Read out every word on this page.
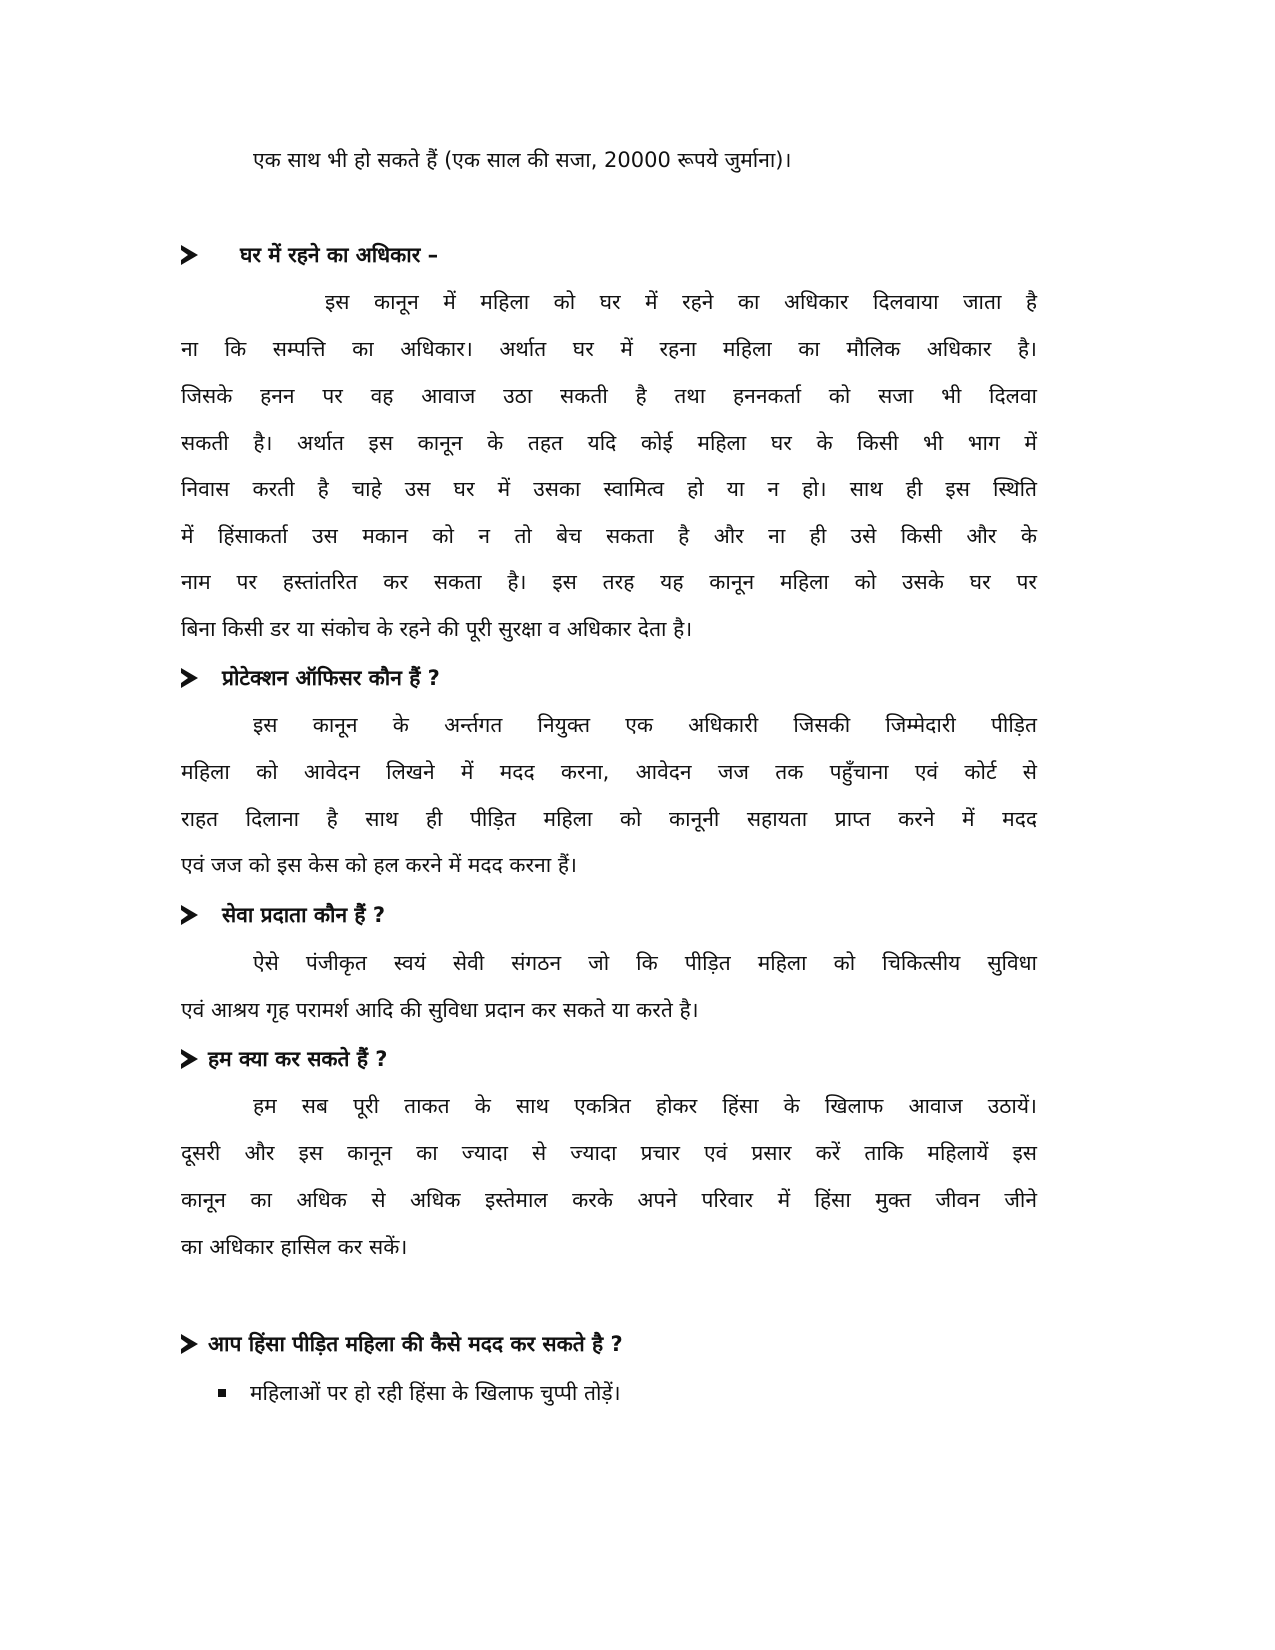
एक साथ भी हो सकते हैं (एक साल की सजा, 20000 रूपये जुर्माना)।
घर में रहने का अधिकार –
इस कानून में महिला को घर में रहने का अधिकार दिलवाया जाता है
ना कि सम्पत्ति का अधिकार। अर्थात घर में रहना महिला का मौलिक अधिकार है।
जिसके हनन पर वह आवाज उठा सकती है तथा हननकर्ता को सजा भी दिलवा
सकती है। अर्थात इस कानून के तहत यदि कोई महिला घर के किसी भी भाग में
निवास करती है चाहे उस घर में उसका स्वामित्व हो या न हो। साथ ही इस स्थिति
में हिंसाकर्ता उस मकान को न तो बेच सकता है और ना ही उसे किसी और के
नाम पर हस्तांतरित कर सकता है। इस तरह यह कानून महिला को उसके घर पर
बिना किसी डर या संकोच के रहने की पूरी सुरक्षा व अधिकार देता है।
प्रोटेक्शन ऑफिसर कौन हैं ?
इस कानून के अर्न्तगत नियुक्त एक अधिकारी जिसकी जिम्मेदारी पीड़ित
महिला को आवेदन लिखने में मदद करना, आवेदन जज तक पहुँचाना एवं कोर्ट से
राहत दिलाना है साथ ही पीड़ित महिला को कानूनी सहायता प्राप्त करने में मदद
एवं जज को इस केस को हल करने में मदद करना हैं।
सेवा प्रदाता कौन हैं ?
ऐसे पंजीकृत स्वयं सेवी संगठन जो कि पीड़ित महिला को चिकित्सीय सुविधा
एवं आश्रय गृह परामर्श आदि की सुविधा प्रदान कर सकते या करते है।
हम क्या कर सकते हैं ?
हम सब पूरी ताकत के साथ एकत्रित होकर हिंसा के खिलाफ आवाज उठायें।
दूसरी और इस कानून का ज्यादा से ज्यादा प्रचार एवं प्रसार करें ताकि महिलायें इस
कानून का अधिक से अधिक इस्तेमाल करके अपने परिवार में हिंसा मुक्त जीवन जीने
का अधिकार हासिल कर सकें।
आप हिंसा पीड़ित महिला की कैसे मदद कर सकते है ?
महिलाओं पर हो रही हिंसा के खिलाफ चुप्पी तोड़ें।
